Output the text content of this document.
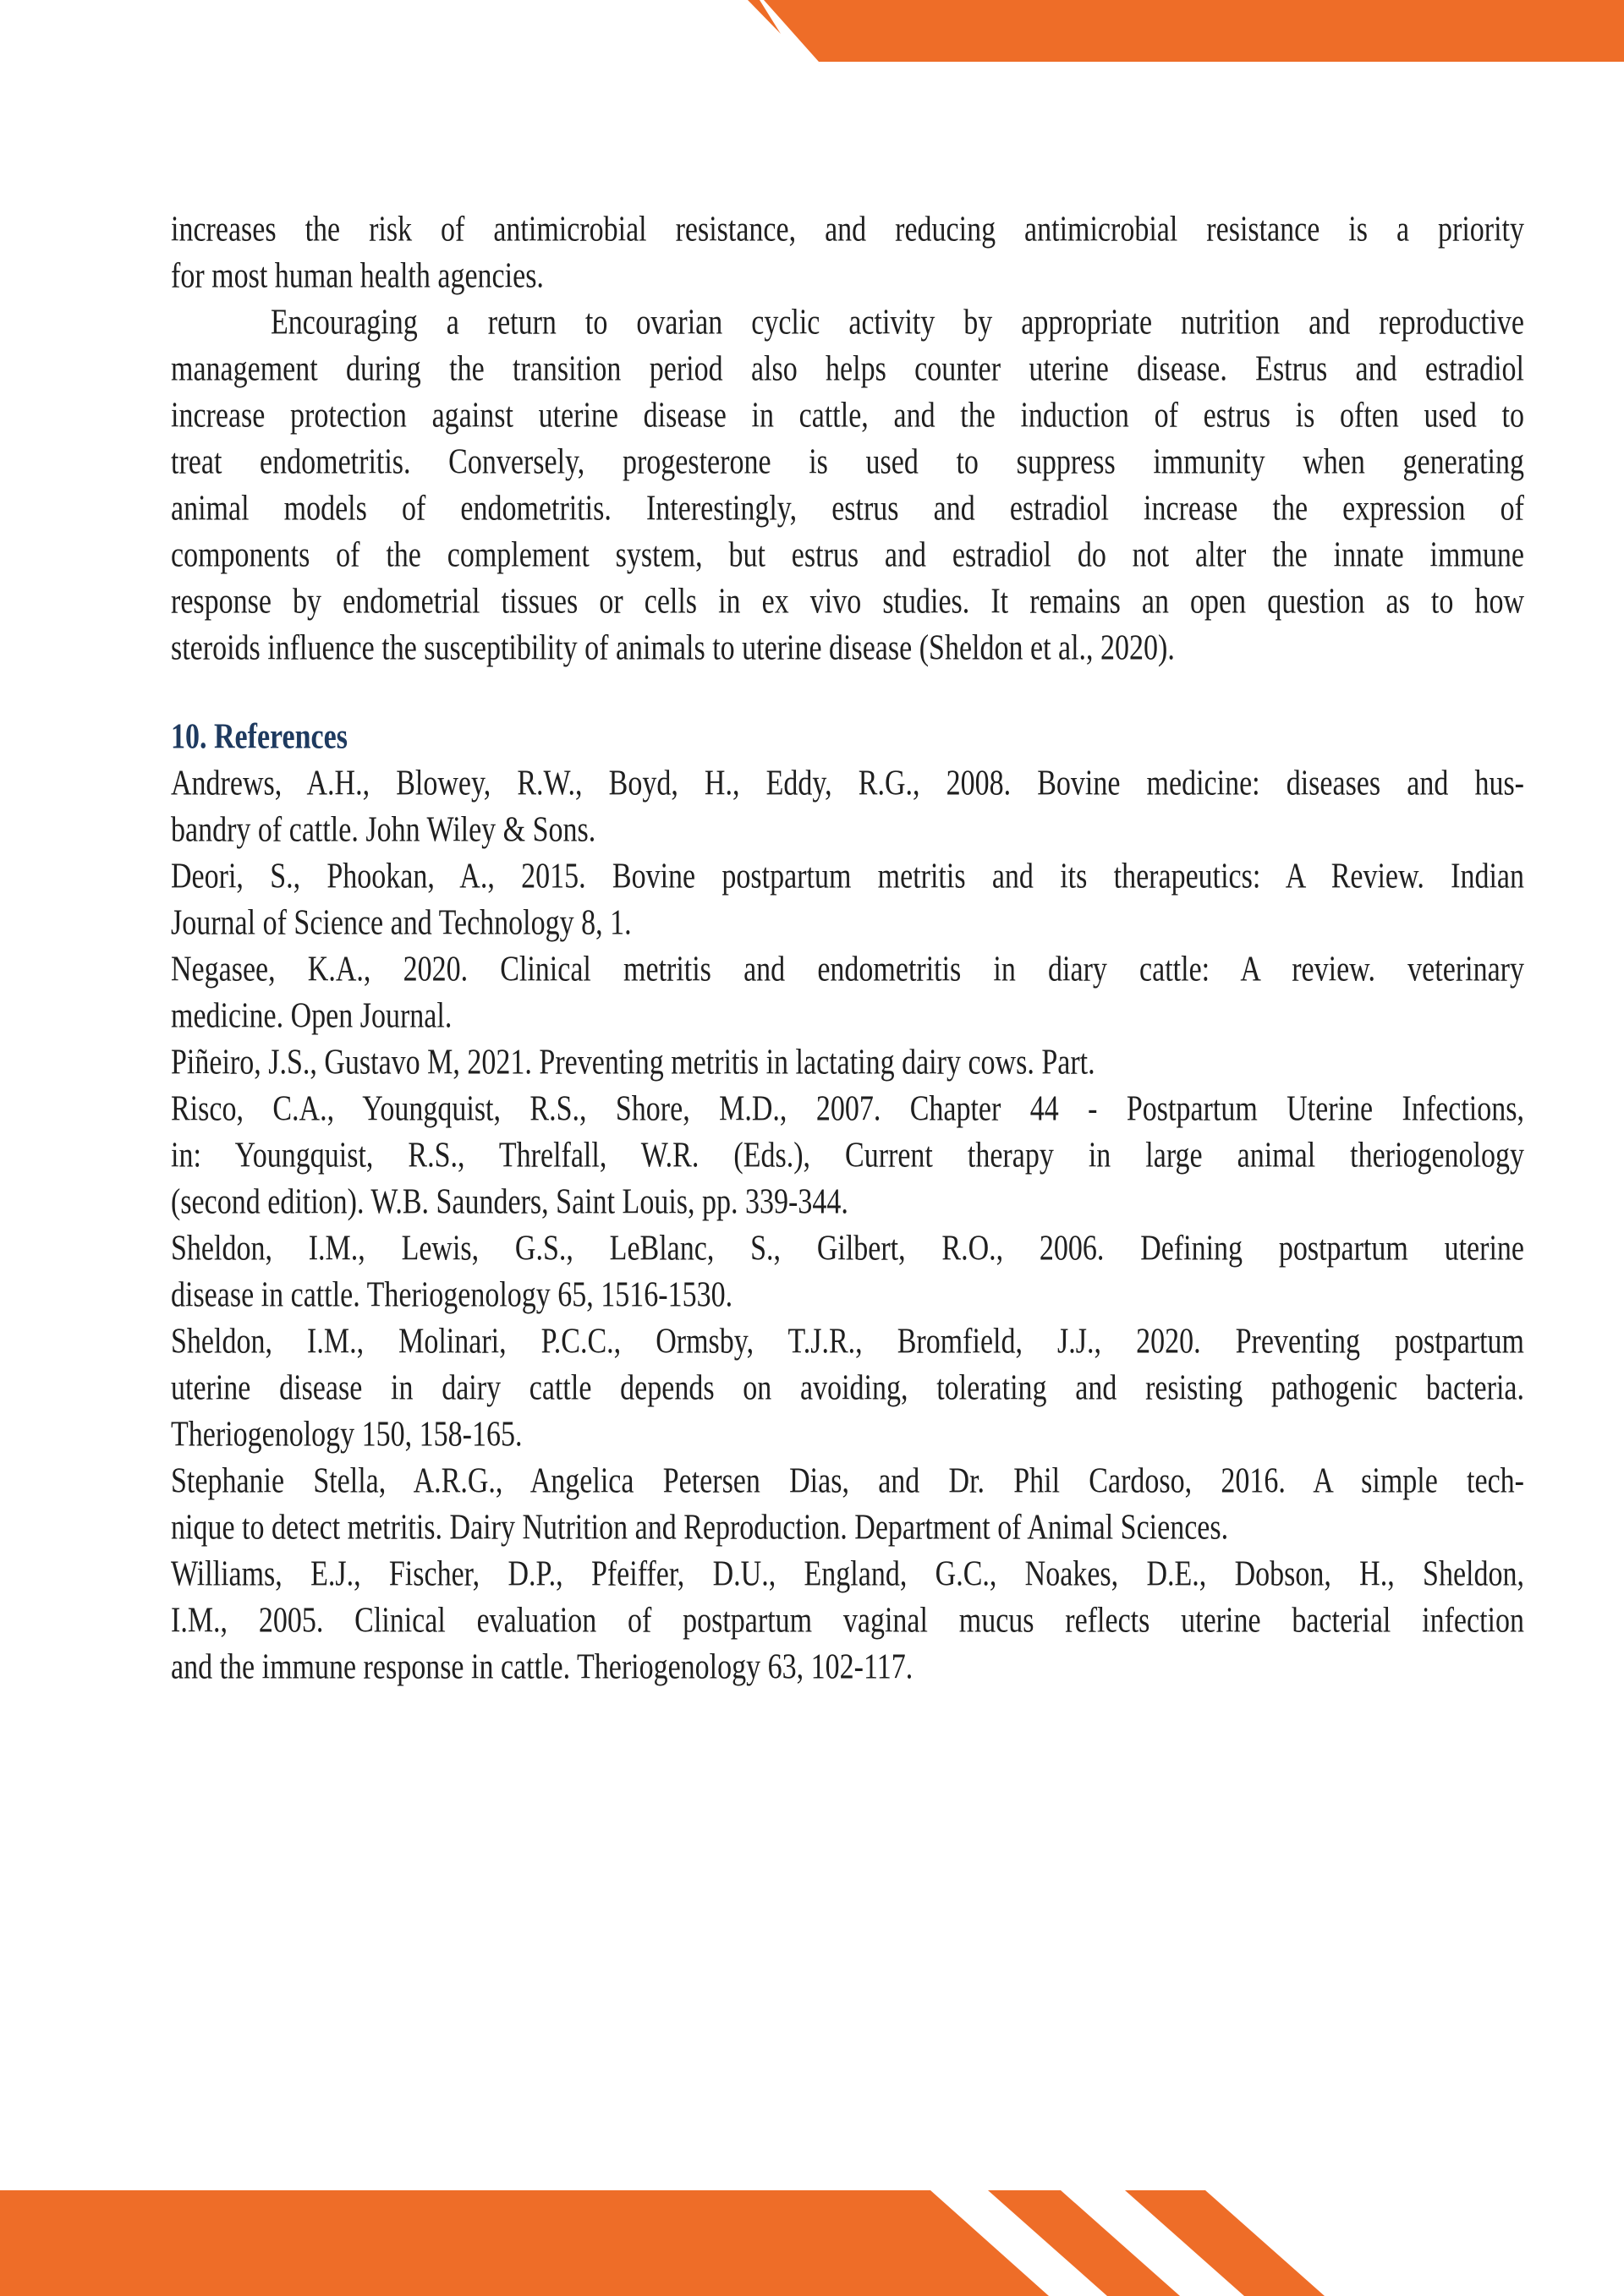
increases the risk of antimicrobial resistance, and reducing antimicrobial resistance is a priority
for most human health agencies.
Encouraging a return to ovarian cyclic activity by appropriate nutrition and reproductive
management during the transition period also helps counter uterine disease. Estrus and estradiol
increase protection against uterine disease in cattle, and the induction of estrus is often used to
treat endometritis. Conversely, progesterone is used to suppress immunity when generating
animal models of endometritis. Interestingly, estrus and estradiol increase the expression of
components of the complement system, but estrus and estradiol do not alter the innate immune
response by endometrial tissues or cells in ex vivo studies. It remains an open question as to how
steroids influence the susceptibility of animals to uterine disease (Sheldon et al., 2020).
10. References
Andrews, A.H., Blowey, R.W., Boyd, H., Eddy, R.G., 2008. Bovine medicine: diseases and hus-
bandry of cattle. John Wiley & Sons.
Deori, S., Phookan, A., 2015. Bovine postpartum metritis and its therapeutics: A Review. Indian
Journal of Science and Technology 8, 1.
Negasee, K.A., 2020. Clinical metritis and endometritis in diary cattle: A review. veterinary
medicine. Open Journal.
Piñeiro, J.S., Gustavo M, 2021. Preventing metritis in lactating dairy cows. Part.
Risco, C.A., Youngquist, R.S., Shore, M.D., 2007. Chapter 44 - Postpartum Uterine Infections,
in: Youngquist, R.S., Threlfall, W.R. (Eds.), Current therapy in large animal theriogenology
(second edition). W.B. Saunders, Saint Louis, pp. 339-344.
Sheldon, I.M., Lewis, G.S., LeBlanc, S., Gilbert, R.O., 2006. Defining postpartum uterine
disease in cattle. Theriogenology 65, 1516-1530.
Sheldon, I.M., Molinari, P.C.C., Ormsby, T.J.R., Bromfield, J.J., 2020. Preventing postpartum
uterine disease in dairy cattle depends on avoiding, tolerating and resisting pathogenic bacteria.
Theriogenology 150, 158-165.
Stephanie Stella, A.R.G., Angelica Petersen Dias, and Dr. Phil Cardoso, 2016. A simple tech-
nique to detect metritis. Dairy Nutrition and Reproduction. Department of Animal Sciences.
Williams, E.J., Fischer, D.P., Pfeiffer, D.U., England, G.C., Noakes, D.E., Dobson, H., Sheldon,
I.M., 2005. Clinical evaluation of postpartum vaginal mucus reflects uterine bacterial infection
and the immune response in cattle. Theriogenology 63, 102-117.
